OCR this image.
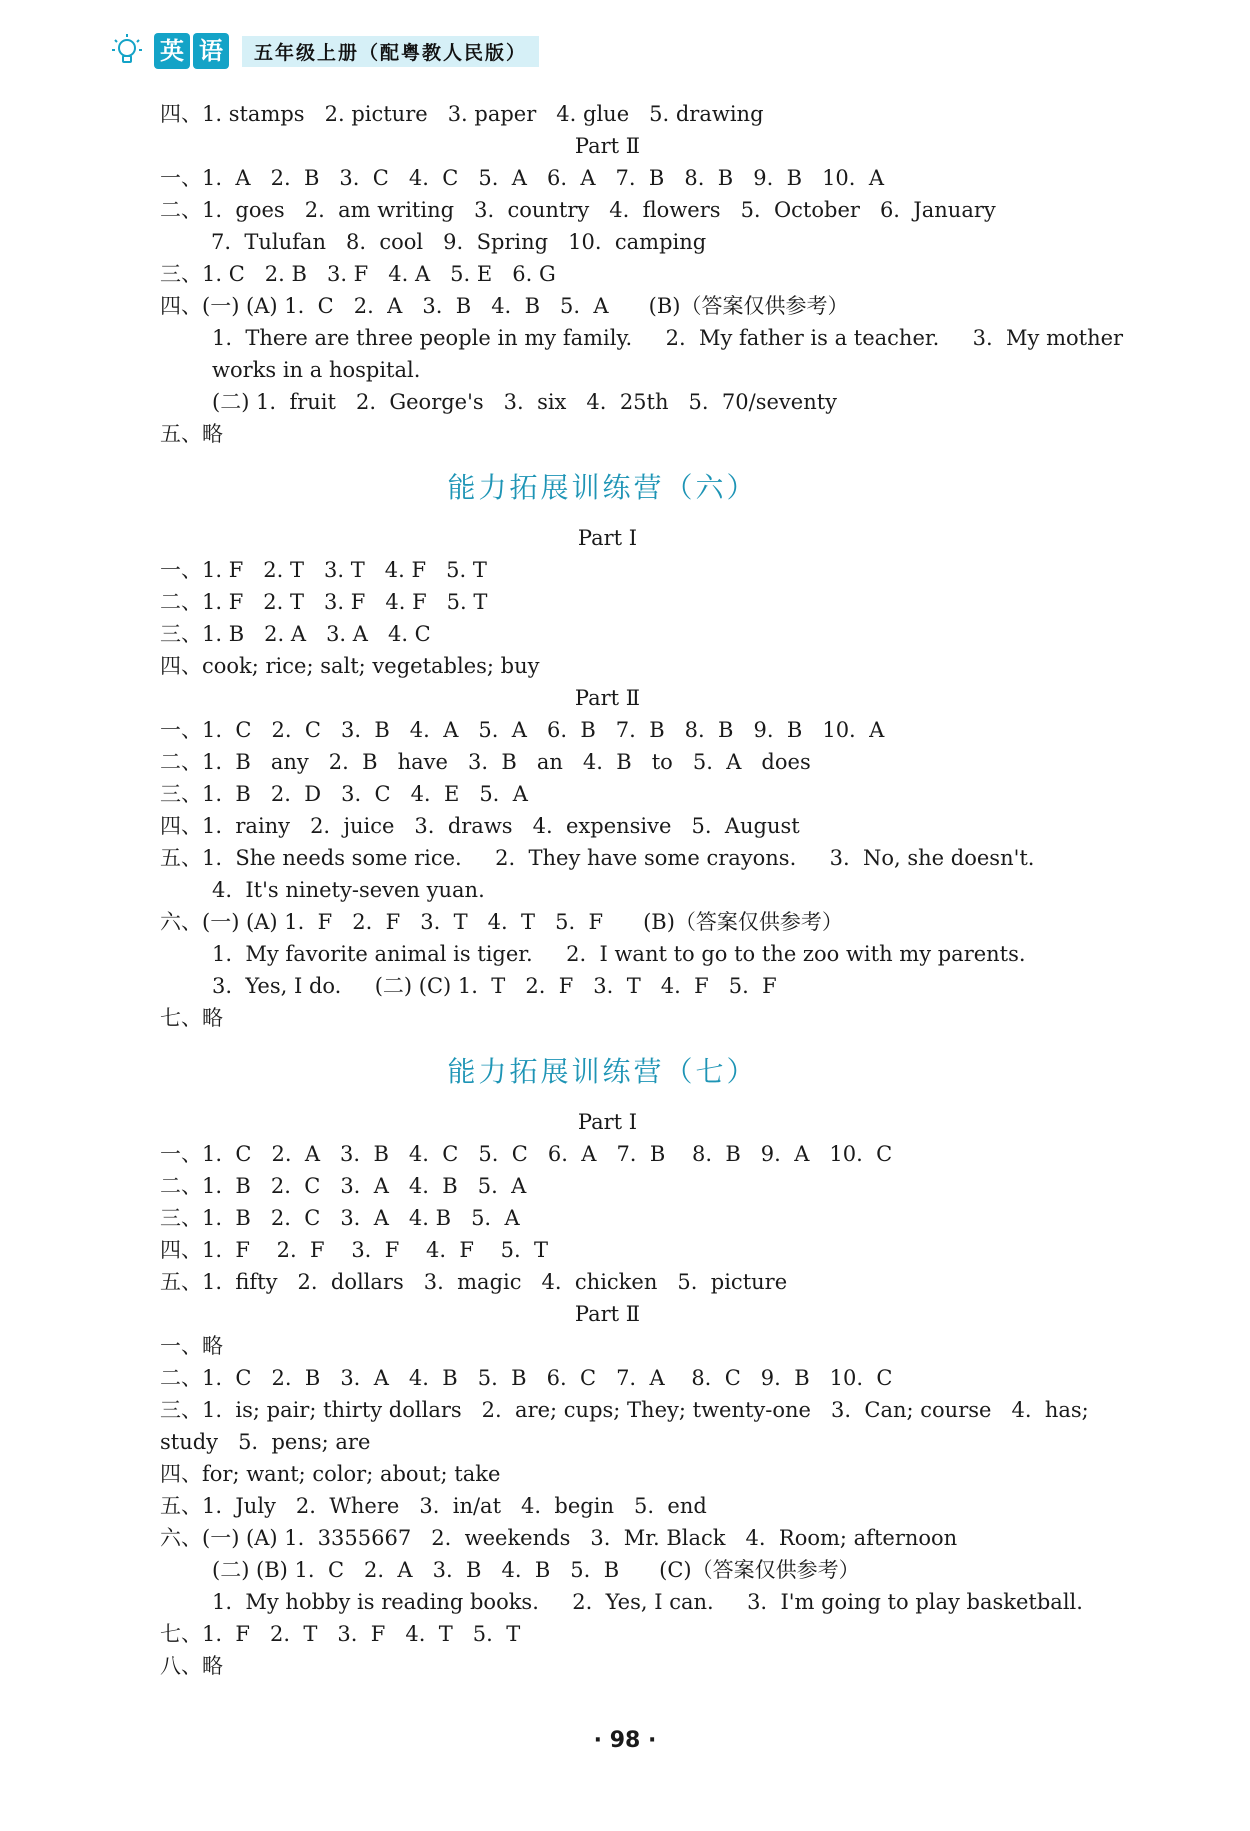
英 语	五年级上册（配粤教人民版）
四、1. stamps   2. picture   3. paper   4. glue   5. drawing
Part Ⅱ
一、1.  A   2.  B   3.  C   4.  C   5.  A   6.  A   7.  B   8.  B   9.  B   10.  A
二、1.  goes   2.  am writing   3.  country   4.  flowers   5.  October   6.  January
7.  Tulufan   8.  cool   9.  Spring   10.  camping
三、1. C   2. B   3. F   4. A   5. E   6. G
四、(一) (A) 1.  C   2.  A   3.  B   4.  B   5.  A      (B)（答案仅供参考）
1.  There are three people in my family.     2.  My father is a teacher.     3.  My mother
works in a hospital.
(二) 1.  fruit   2.  George's   3.  six   4.  25th   5.  70/seventy
五、略
能力拓展训练营（六）
Part Ⅰ
一、1. F   2. T   3. T   4. F   5. T
二、1. F   2. T   3. F   4. F   5. T
三、1. B   2. A   3. A   4. C
四、cook; rice; salt; vegetables; buy
Part Ⅱ
一、1.  C   2.  C   3.  B   4.  A   5.  A   6.  B   7.  B   8.  B   9.  B   10.  A
二、1.  B   any   2.  B   have   3.  B   an   4.  B   to   5.  A   does
三、1.  B   2.  D   3.  C   4.  E   5.  A
四、1.  rainy   2.  juice   3.  draws   4.  expensive   5.  August
五、1.  She needs some rice.     2.  They have some crayons.     3.  No, she doesn't.
4.  It's ninety-seven yuan.
六、(一) (A) 1.  F   2.  F   3.  T   4.  T   5.  F      (B)（答案仅供参考）
1.  My favorite animal is tiger.     2.  I want to go to the zoo with my parents.
3.  Yes, I do.     (二) (C) 1.  T   2.  F   3.  T   4.  F   5.  F
七、略
能力拓展训练营（七）
Part Ⅰ
一、1.  C   2.  A   3.  B   4.  C   5.  C   6.  A   7.  B    8.  B   9.  A   10.  C
二、1.  B   2.  C   3.  A   4.  B   5.  A
三、1.  B   2.  C   3.  A   4. B   5.  A
四、1.  F    2.  F    3.  F    4.  F    5.  T
五、1.  fifty   2.  dollars   3.  magic   4.  chicken   5.  picture
Part Ⅱ
一、略
二、1.  C   2.  B   3.  A   4.  B   5.  B   6.  C   7.  A    8.  C   9.  B   10.  C
三、1.  is; pair; thirty dollars   2.  are; cups; They; twenty-one   3.  Can; course   4.  has;
study   5.  pens; are
四、for; want; color; about; take
五、1.  July   2.  Where   3.  in/at   4.  begin   5.  end
六、(一) (A) 1.  3355667   2.  weekends   3.  Mr. Black   4.  Room; afternoon
(二) (B) 1.  C   2.  A   3.  B   4.  B   5.  B      (C)（答案仅供参考）
1.  My hobby is reading books.     2.  Yes, I can.     3.  I'm going to play basketball.
七、1.  F   2.  T   3.  F   4.  T   5.  T
八、略
· 98 ·
